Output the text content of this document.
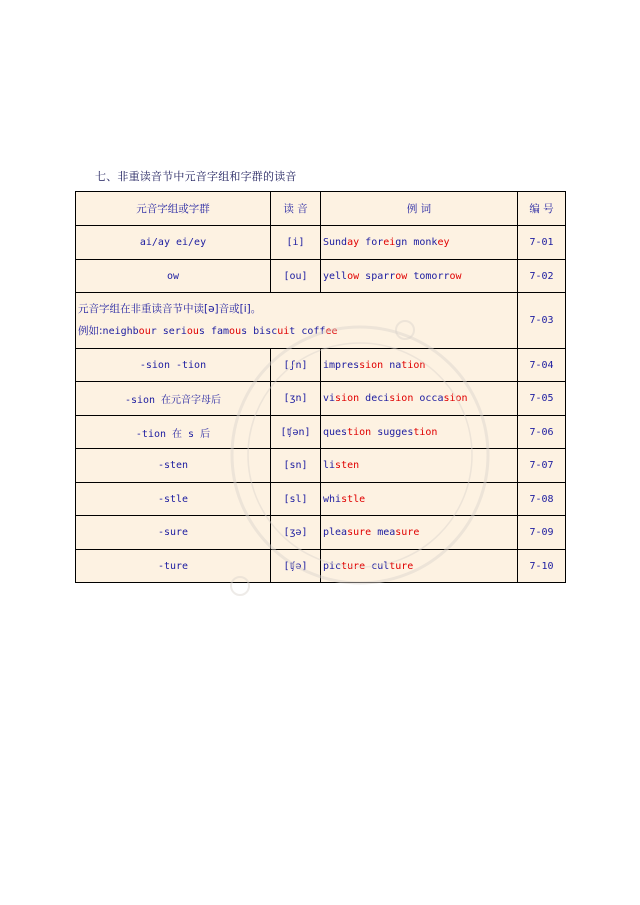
七、非重读音节中元音字组和字群的读音
元音字组或字群	读 音	例 词	编 号
ai/ay ei/ey	[i]	Sunday foreign monkey	7-01
ow	[ou]	yellow sparrow tomorrow	7-02

元音字组在非重读音节中读[ə]音或[i]。
例如:neighbour serious famous biscuit coffee			7-03
-sion -tion	[ʃn]	impression nation	7-04
-sion 在元音字母后	[ʒn]	vision decision occasion	7-05
-tion 在 s 后	[ʧən]	question suggestion	7-06
-sten	[sn]	listen	7-07
-stle	[sl]	whistle	7-08
-sure	[ʒə]	pleasure measure	7-09
-ture	[ʧə]	picture culture	7-10
